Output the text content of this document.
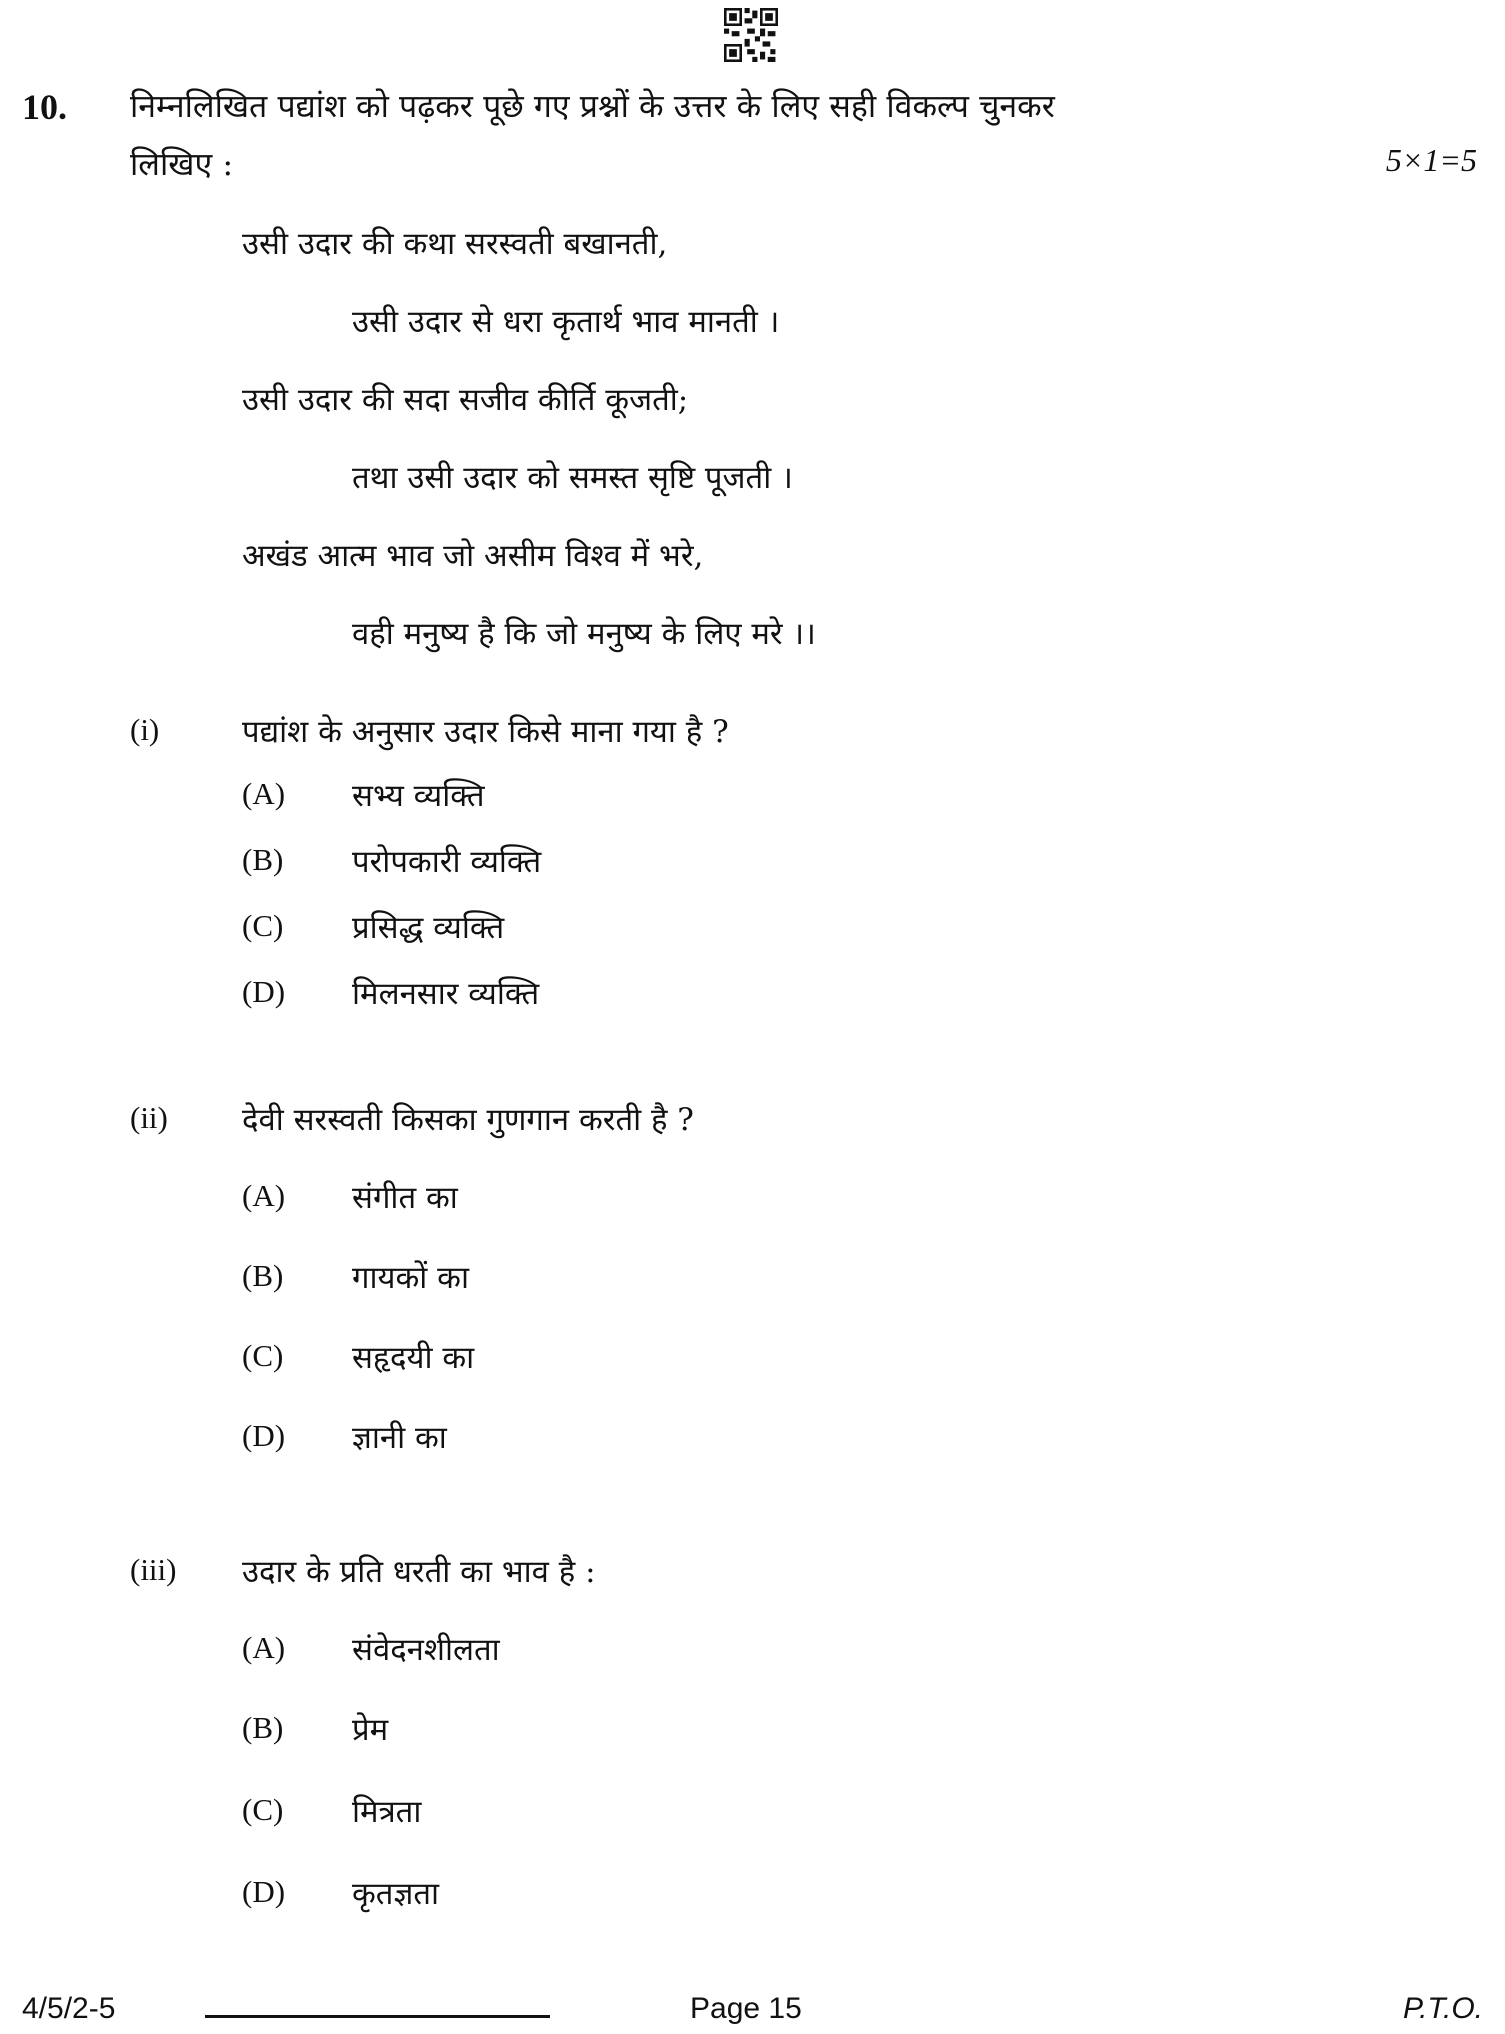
10. निम्नलिखित पद्यांश को पढ़कर पूछे गए प्रश्नों के उत्तर के लिए सही विकल्प चुनकर
लिखिए :	5×1=5
उसी उदार की कथा सरस्वती बखानती,
उसी उदार से धरा कृतार्थ भाव मानती ।
उसी उदार की सदा सजीव कीर्ति कूजती;
तथा उसी उदार को समस्त सृष्टि पूजती ।
अखंड आत्म भाव जो असीम विश्व में भरे,
वही मनुष्य है कि जो मनुष्य के लिए मरे ।।
(i)	पद्यांश के अनुसार उदार किसे माना गया है ?
(A) सभ्य व्यक्ति
(B) परोपकारी व्यक्ति
(C) प्रसिद्ध व्यक्ति
(D) मिलनसार व्यक्ति
(ii) देवी सरस्वती किसका गुणगान करती है ?
(A) संगीत का
(B) गायकों का
(C) सहृदयी का
(D) ज्ञानी का
(iii) उदार के प्रति धरती का भाव है :
(A) संवेदनशीलता
(B) प्रेम
(C) मित्रता
(D) कृतज्ञता
4/5/2-5	Page 15	P.T.O.
